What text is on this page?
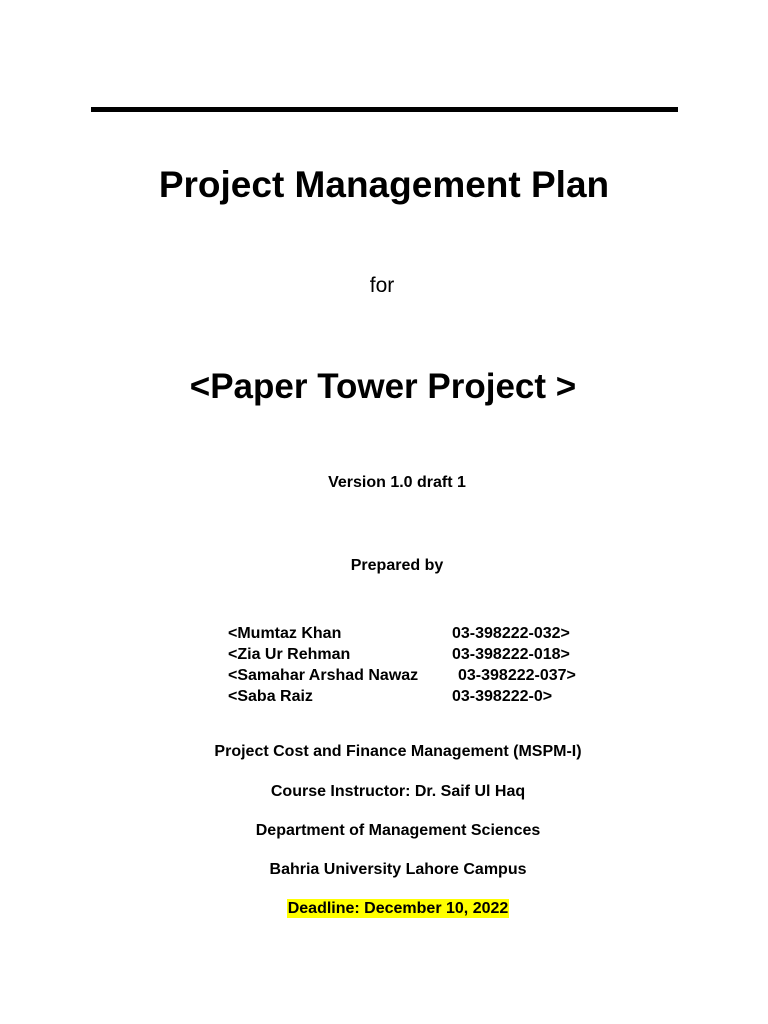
Project Management Plan
for
<Paper Tower Project >
Version 1.0 draft 1
Prepared by
<Mumtaz Khan	03-398222-032>
<Zia Ur Rehman	03-398222-018>
<Samahar Arshad Nawaz 03-398222-037>
<Saba Raiz	03-398222-0>
Project Cost and Finance Management (MSPM-I)
Course Instructor: Dr. Saif Ul Haq
Department of Management Sciences
Bahria University Lahore Campus
Deadline: December 10, 2022
